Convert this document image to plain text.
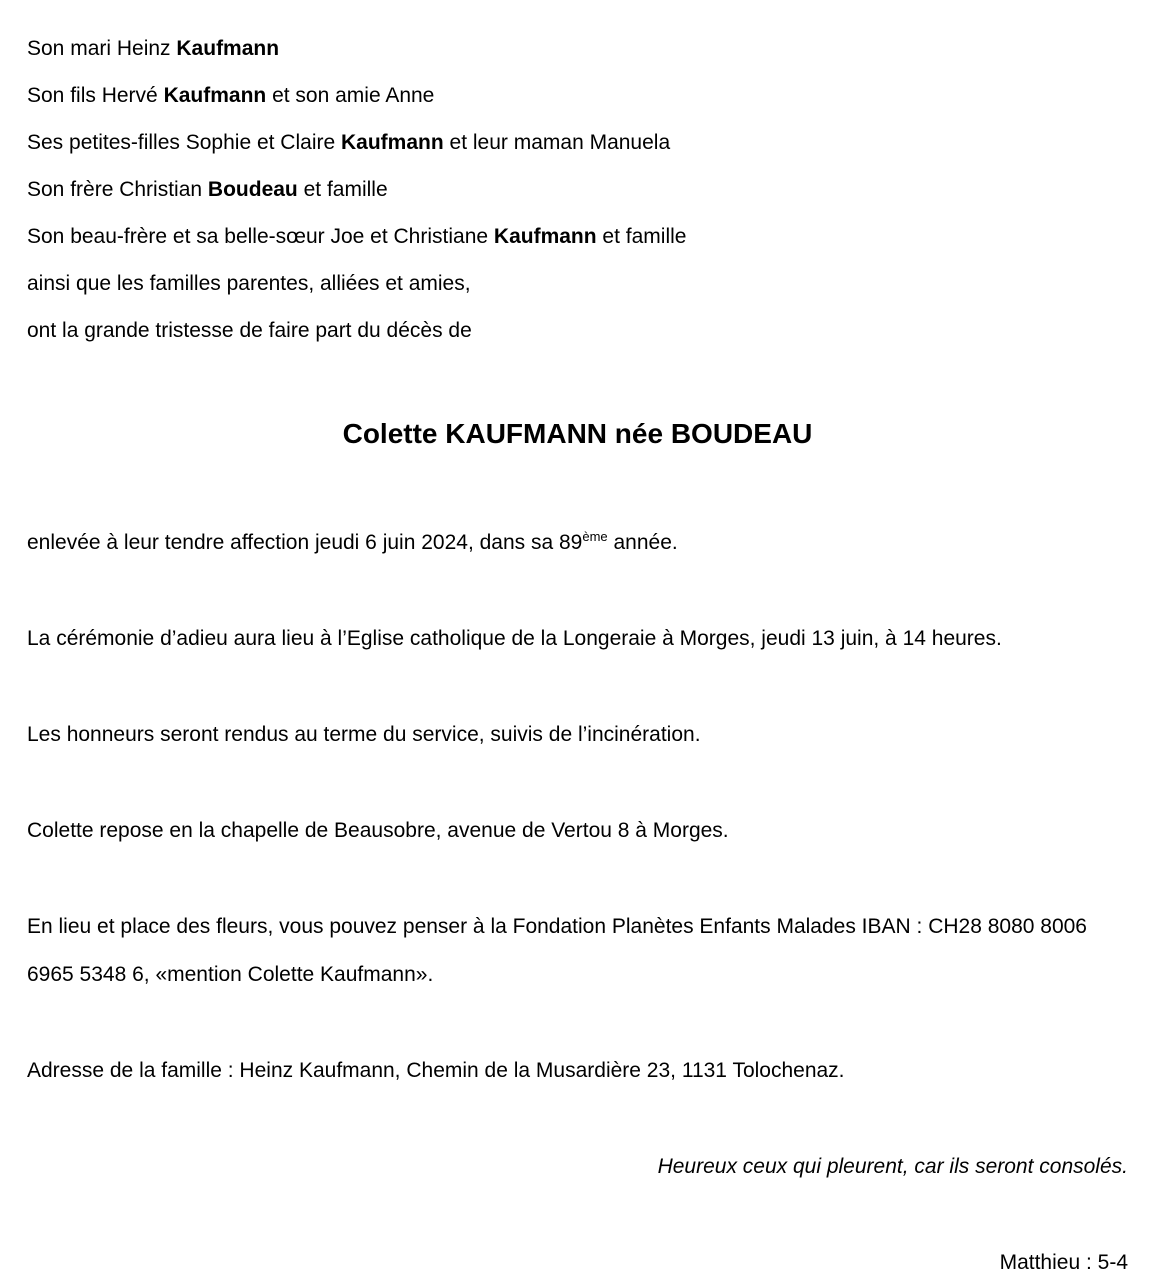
Son mari Heinz Kaufmann

Son fils Hervé Kaufmann et son amie Anne

Ses petites-filles Sophie et Claire Kaufmann et leur maman Manuela

Son frère Christian Boudeau et famille

Son beau-frère et sa belle-sœur Joe et Christiane Kaufmann et famille

ainsi que les familles parentes, alliées et amies,

ont la grande tristesse de faire part du décès de

Colette KAUFMANN née BOUDEAU

enlevée à leur tendre affection jeudi 6 juin 2024, dans sa 89ème année.

La cérémonie d’adieu aura lieu à l’Eglise catholique de la Longeraie à Morges, jeudi 13 juin, à 14 heures.

Les honneurs seront rendus au terme du service, suivis de l’incinération.

Colette repose en la chapelle de Beausobre, avenue de Vertou 8 à Morges.

En lieu et place des fleurs, vous pouvez penser à la Fondation Planètes Enfants Malades IBAN : CH28 8080 8006 6965 5348 6, «mention Colette Kaufmann».

Adresse de la famille : Heinz Kaufmann, Chemin de la Musardière 23, 1131 Tolochenaz.

Heureux ceux qui pleurent, car ils seront consolés.

Matthieu : 5-4
